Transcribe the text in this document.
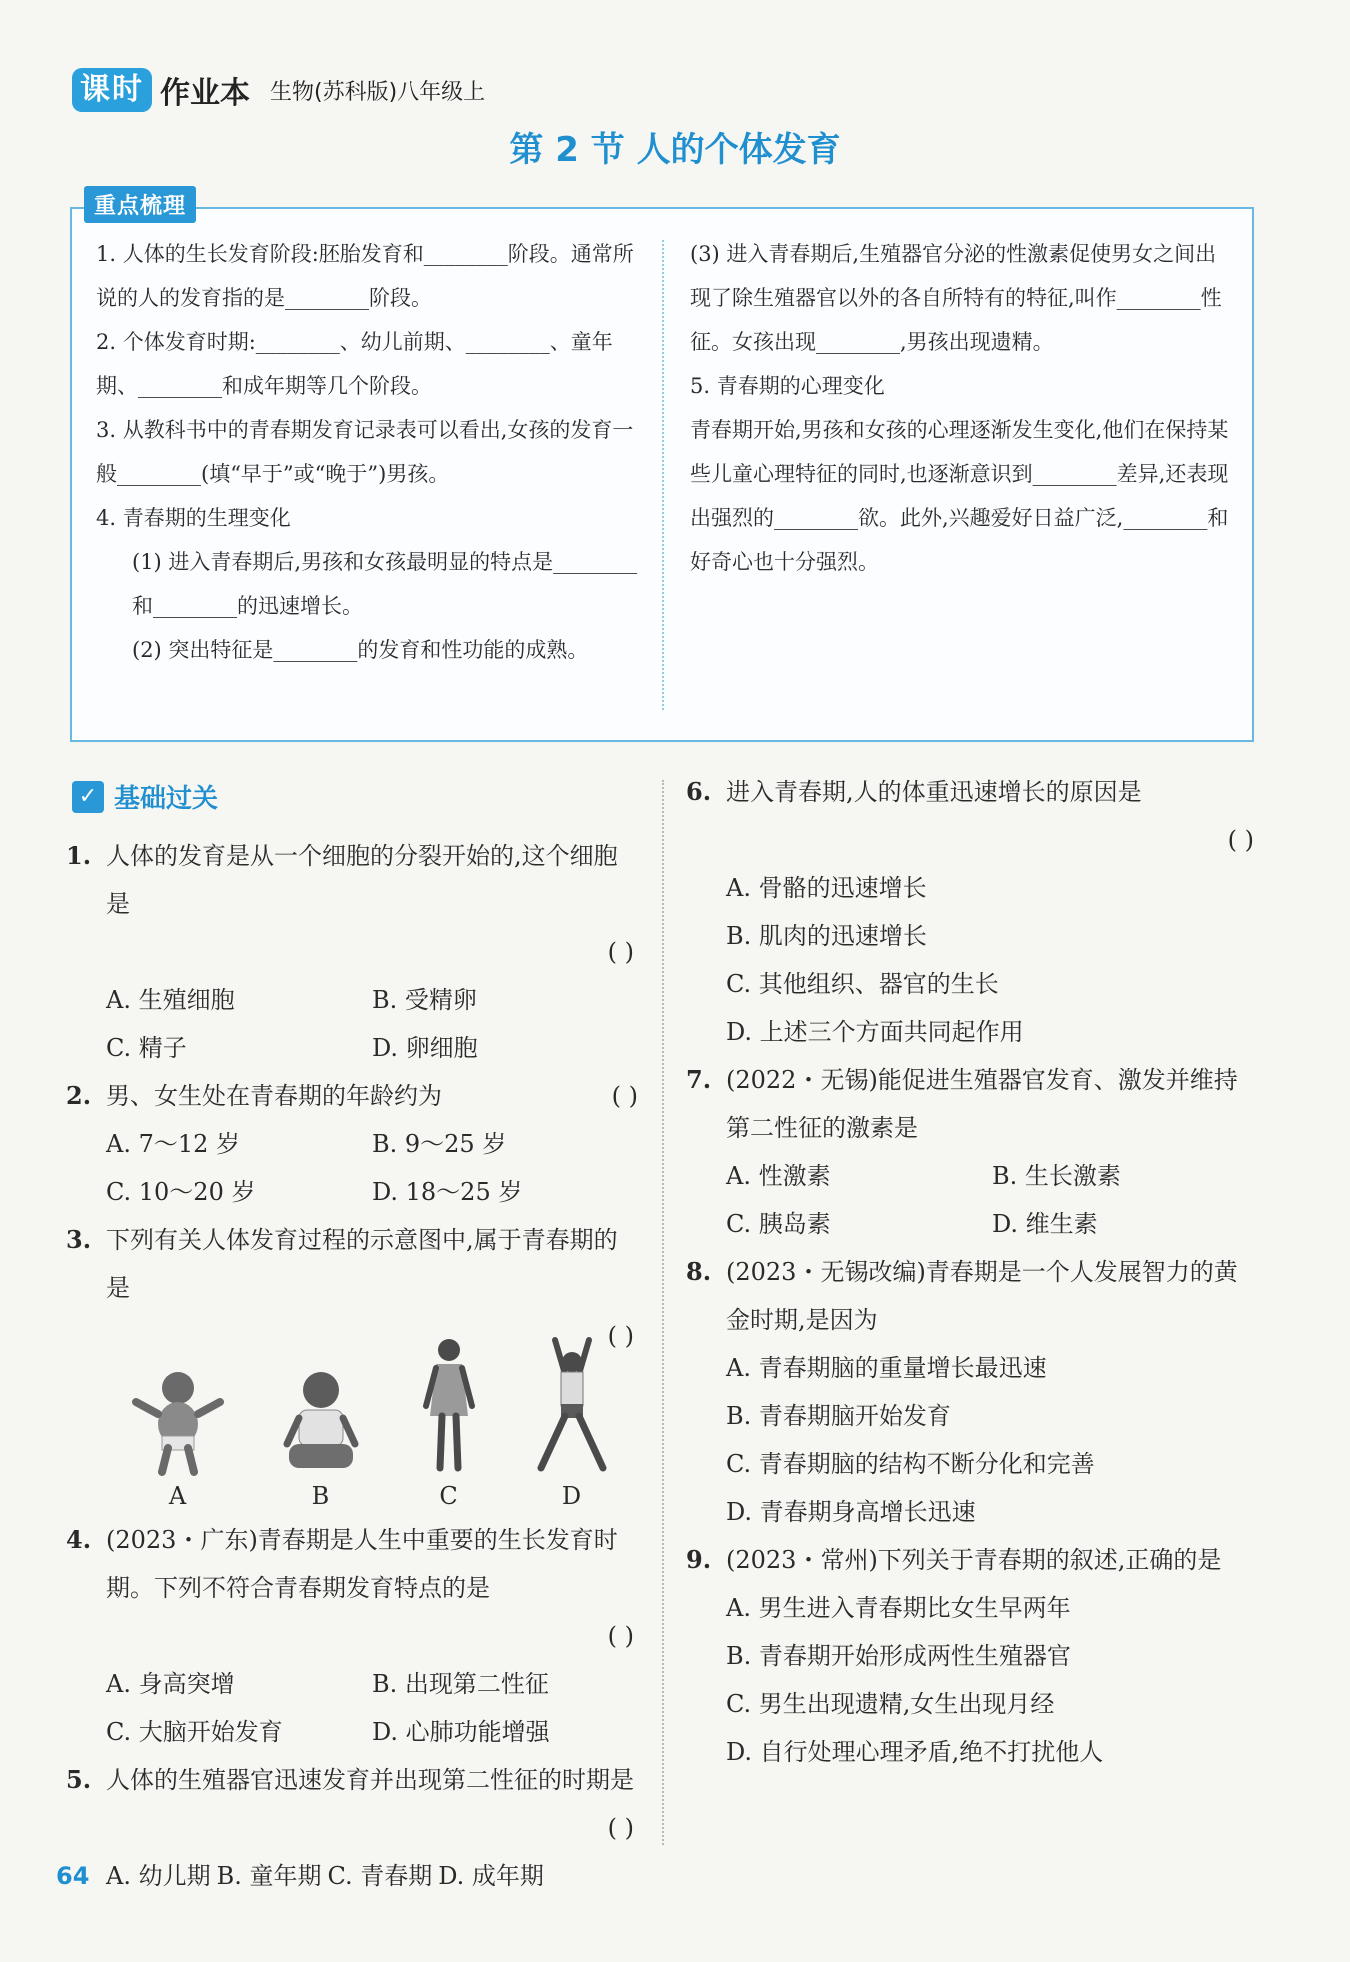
课时 作业本 生物(苏科版)八年级上
第 2 节 人的个体发育
重点梳理

1. 人体的生长发育阶段:胚胎发育和________阶段。通常所说的人的发育指的是________阶段。

2. 个体发育时期:________、幼儿前期、________、童年期、________和成年期等几个阶段。

3. 从教科书中的青春期发育记录表可以看出,女孩的发育一般________(填“早于”或“晚于”)男孩。

4. 青春期的生理变化

(1) 进入青春期后,男孩和女孩最明显的特点是________和________的迅速增长。

(2) 突出特征是________的发育和性功能的成熟。

(3) 进入青春期后,生殖器官分泌的性激素促使男女之间出现了除生殖器官以外的各自所特有的特征,叫作________性征。女孩出现________,男孩出现遗精。

5. 青春期的心理变化

青春期开始,男孩和女孩的心理逐渐发生变化,他们在保持某些儿童心理特征的同时,也逐渐意识到________差异,还表现出强烈的________欲。此外,兴趣爱好日益广泛,________和好奇心也十分强烈。

✓ 基础过关
1. 人体的发育是从一个细胞的分裂开始的,这个细胞是
( )
A. 生殖细胞	B. 受精卵
C. 精子	D. 卵细胞
2. 男、女生处在青春期的年龄约为	( )
A. 7～12 岁	B. 9～25 岁
C. 10～20 岁	D. 18～25 岁
3. 下列有关人体发育过程的示意图中,属于青春期的是
( )
A	B	C	D
4. (2023・广东)青春期是人生中重要的生长发育时期。下列不符合青春期发育特点的是
( )
A. 身高突增	B. 出现第二性征
C. 大脑开始发育	D. 心肺功能增强
5. 人体的生殖器官迅速发育并出现第二性征的时期是
( )
A. 幼儿期 B. 童年期 C. 青春期 D. 成年期
6. 进入青春期,人的体重迅速增长的原因是
( )
A. 骨骼的迅速增长
B. 肌肉的迅速增长
C. 其他组织、器官的生长
D. 上述三个方面共同起作用
7. (2022・无锡)能促进生殖器官发育、激发并维持第二性征的激素是
A. 性激素	B. 生长激素
C. 胰岛素	D. 维生素
8. (2023・无锡改编)青春期是一个人发展智力的黄金时期,是因为
A. 青春期脑的重量增长最迅速
B. 青春期脑开始发育
C. 青春期脑的结构不断分化和完善
D. 青春期身高增长迅速
9. (2023・常州)下列关于青春期的叙述,正确的是
A. 男生进入青春期比女生早两年
B. 青春期开始形成两性生殖器官
C. 男生出现遗精,女生出现月经
D. 自行处理心理矛盾,绝不打扰他人
64
